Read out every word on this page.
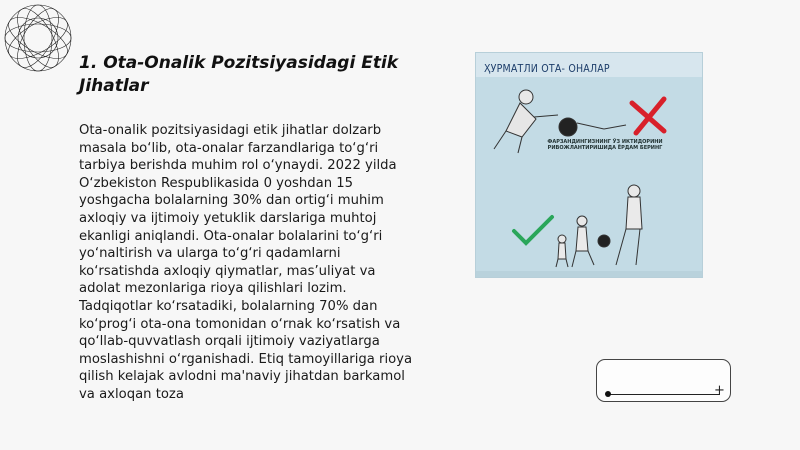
1. Ota-Onalik Pozitsiyasidagi Etik Jihatlar

Ota-onalik pozitsiyasidagi etik jihatlar dolzarb masala bo‘lib, ota-onalar farzandlariga to‘g‘ri tarbiya berishda muhim rol o‘ynaydi. 2022 yilda O‘zbekiston Respublikasida 0 yoshdan 15 yoshgacha bolalarning 30% dan ortig‘i muhim axloqiy va ijtimoiy yetuklik darslariga muhtoj ekanligi aniqlandi. Ota-onalar bolalarini to‘g‘ri yo‘naltirish va ularga to‘g‘ri qadamlarni ko‘rsatishda axloqiy qiymatlar, mas’uliyat va adolat mezonlariga rioya qilishlari lozim. Tadqiqotlar ko‘rsatadiki, bolalarning 70% dan ko‘prog‘i ota-ona tomonidan o‘rnak ko‘rsatish va qo‘llab-quvvatlash orqali ijtimoiy vaziyatlarga moslashishni o‘rganishadi. Etiq tamoyillariga rioya qilish kelajak avlodni ma'naviy jihatdan barkamol va axloqan toza

ҲУРМАТЛИ ОТА- ОНАЛАР
ФАРЗАНДИНГИЗНИНГ ЎЗ ИКТИДОРИНИ РИВОЖЛАНТИРИШИДА ЁРДАМ БЕРИНГ
+
